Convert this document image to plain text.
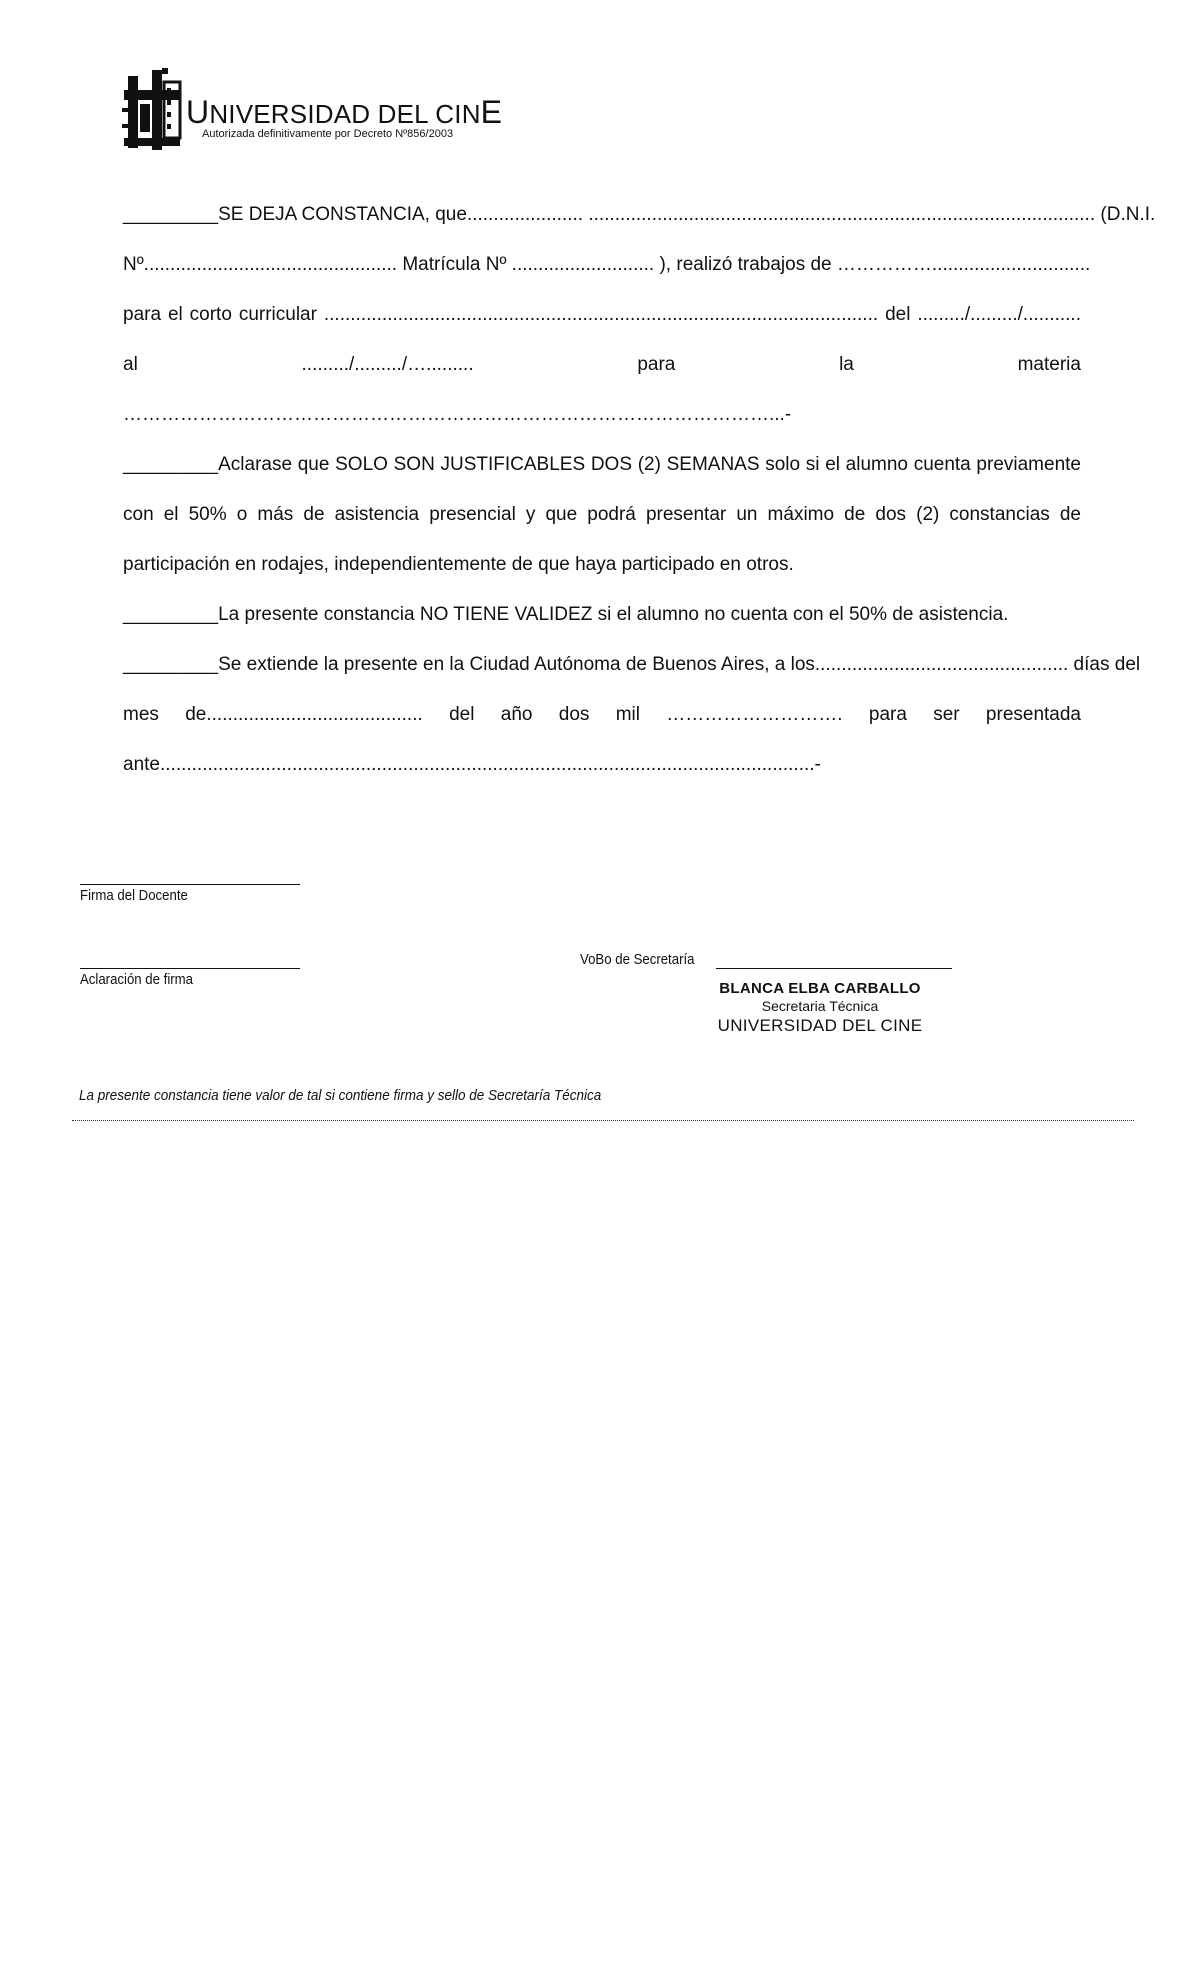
UNIVERSIDAD DEL CINE
Autorizada definitivamente por Decreto Nº856/2003
_________SE DEJA CONSTANCIA, que...................... ................................................................................................ (D.N.I.
Nº................................................ Matrícula Nº ........................... ), realizó trabajos de ……………..............................
para el corto curricular ......................................................................................................... del ........./........./...........
al	........./........./….........	para	la	materia
…………………………………………………………………………………………...-
_________Aclarase que SOLO SON JUSTIFICABLES DOS (2) SEMANAS solo si el alumno cuenta previamente con el 50% o más de asistencia presencial y que podrá presentar un máximo de dos (2) constancias de participación en rodajes, independientemente de que haya participado en otros.
_________La presente constancia NO TIENE VALIDEZ si el alumno no cuenta con el 50% de asistencia.
_________Se extiende la presente en la Ciudad Autónoma de Buenos Aires, a los................................................ días del
mes de......................................... del año dos mil ………………………. para ser presentada
ante............................................................................................................................-
Firma del Docente
Aclaración de firma
VoBo de Secretaría
BLANCA ELBA CARBALLO
Secretaria Técnica
UNIVERSIDAD DEL CINE
La presente constancia tiene valor de tal si contiene firma y sello de Secretaría Técnica
